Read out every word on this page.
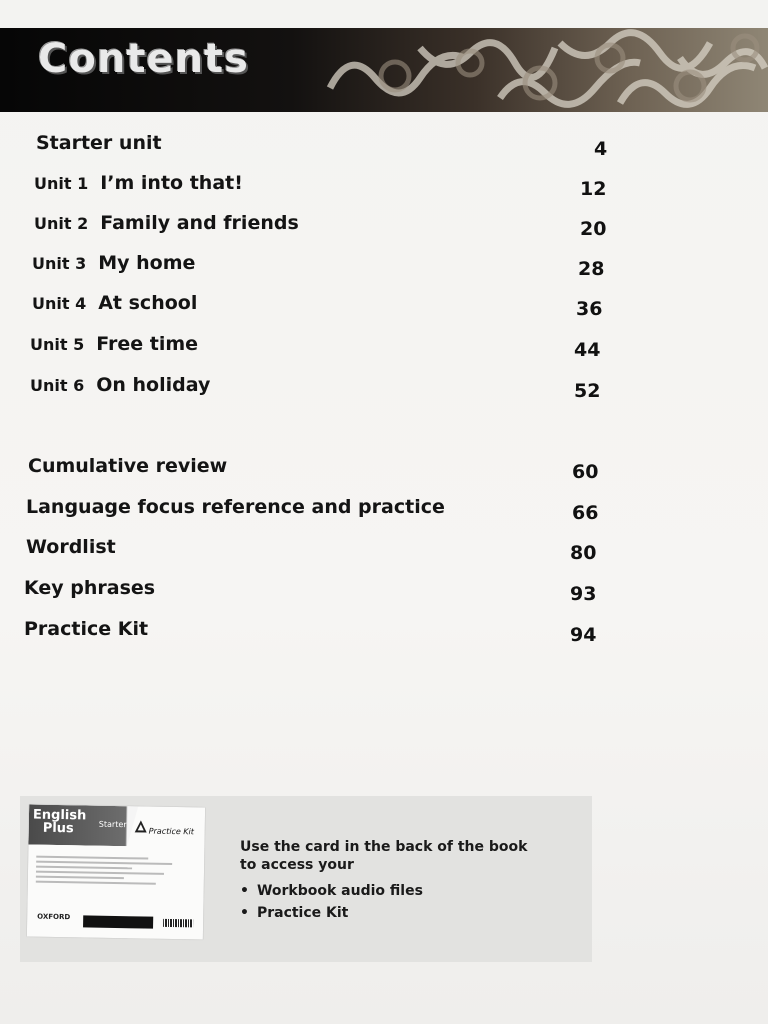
Contents
Starter unit	4
Unit 1 I’m into that!	12
Unit 2 Family and friends	20
Unit 3 My home	28
Unit 4 At school	36
Unit 5 Free time	44
Unit 6 On holiday	52
Cumulative review	60
Language focus reference and practice	66
Wordlist	80
Key phrases	93
Practice Kit	94
English
Plus	Starter
Practice Kit
OXFORD
Use the card in the back of the book
to access your
• Workbook audio files
• Practice Kit
